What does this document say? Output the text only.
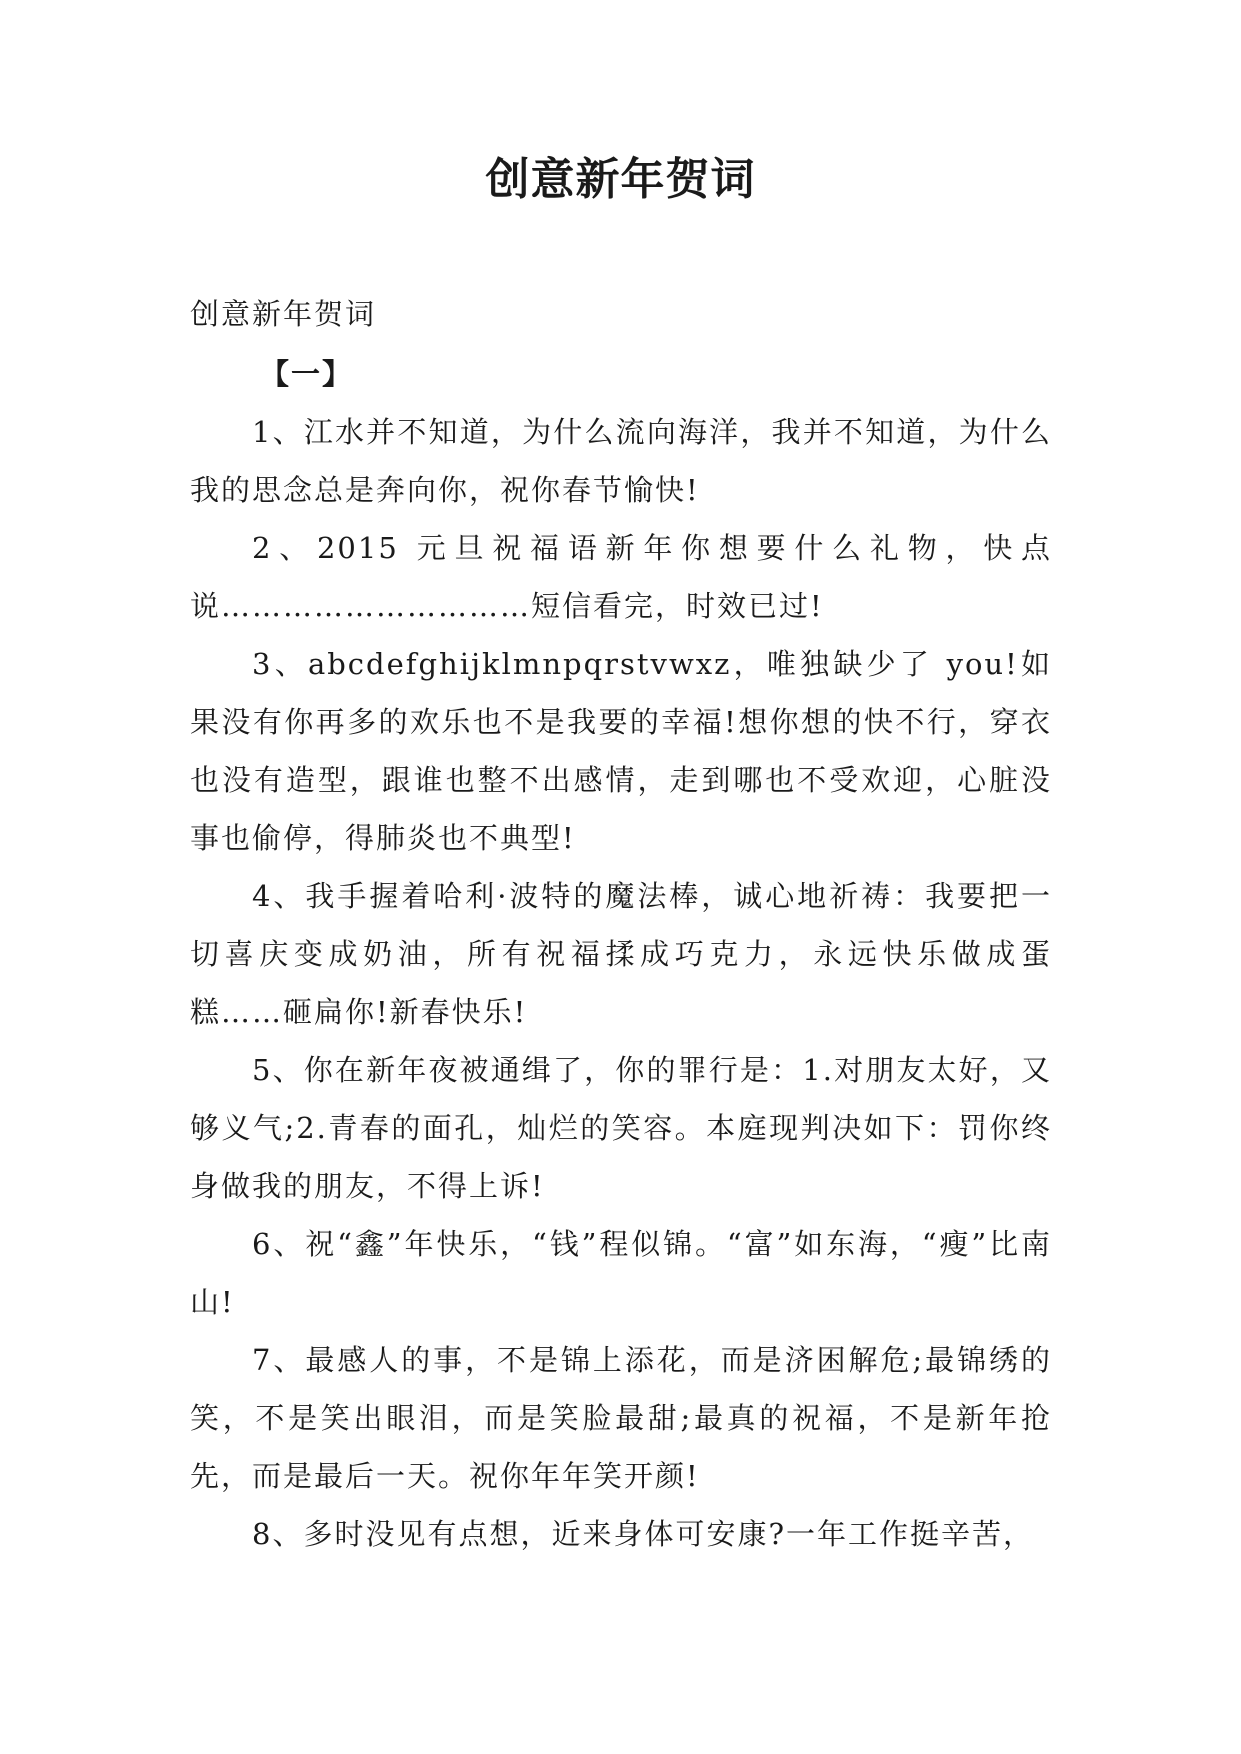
创意新年贺词

创意新年贺词

【一】

1、江水并不知道，为什么流向海洋，我并不知道，为什么我的思念总是奔向你，祝你春节愉快!

2、2015 元旦祝福语新年你想要什么礼物，快点说…………………………短信看完，时效已过!

3、abcdefghijklmnpqrstvwxz，唯独缺少了 you!如果没有你再多的欢乐也不是我要的幸福!想你想的快不行，穿衣也没有造型，跟谁也整不出感情，走到哪也不受欢迎，心脏没事也偷停，得肺炎也不典型!

4、我手握着哈利·波特的魔法棒，诚心地祈祷：我要把一切喜庆变成奶油，所有祝福揉成巧克力，永远快乐做成蛋糕……砸扁你!新春快乐!

5、你在新年夜被通缉了，你的罪行是：1.对朋友太好，又够义气;2.青春的面孔，灿烂的笑容。本庭现判决如下：罚你终身做我的朋友，不得上诉!

6、祝“鑫”年快乐，“钱”程似锦。“富”如东海，“瘦”比南山!

7、最感人的事，不是锦上添花，而是济困解危;最锦绣的笑，不是笑出眼泪，而是笑脸最甜;最真的祝福，不是新年抢先，而是最后一天。祝你年年笑开颜!

8、多时没见有点想，近来身体可安康?一年工作挺辛苦，
